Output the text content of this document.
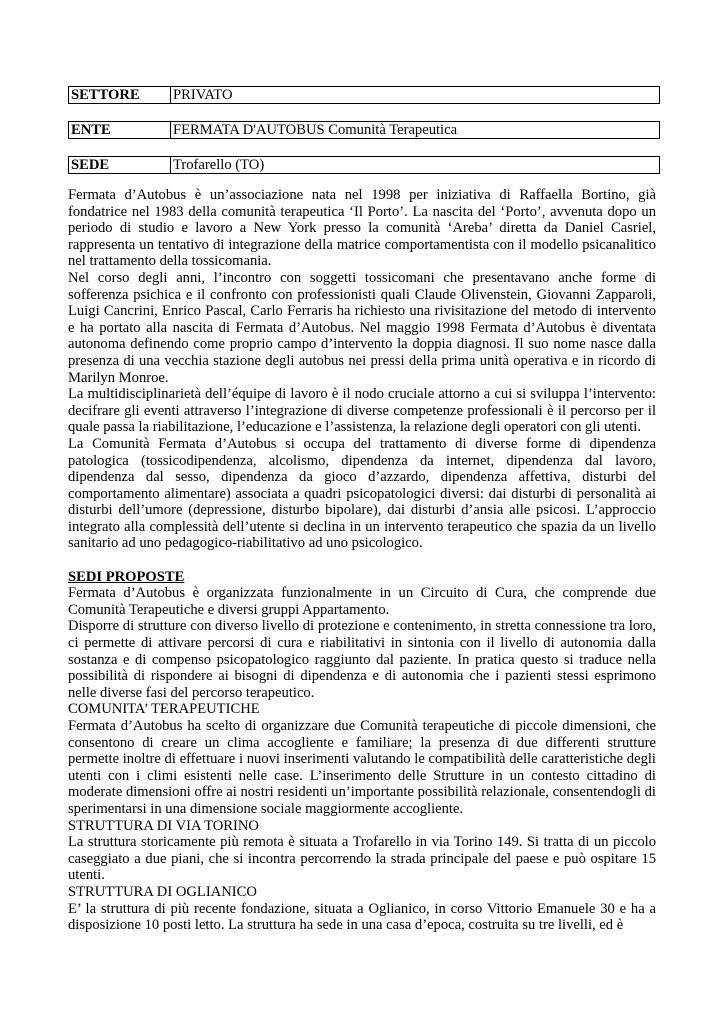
SETTORE	PRIVATO
ENTE	FERMATA D'AUTOBUS Comunità Terapeutica
SEDE	Trofarello (TO)

Fermata d’Autobus è un’associazione nata nel 1998 per iniziativa di Raffaella Bortino, già fondatrice nel 1983 della comunità terapeutica ‘Il Porto’. La nascita del ‘Porto’, avvenuta dopo un periodo di studio e lavoro a New York presso la comunità ‘Areba’ diretta da Daniel Casriel, rappresenta un tentativo di integrazione della matrice comportamentista con il modello psicanalitico nel trattamento della tossicomania.

Nel corso degli anni, l’incontro con soggetti tossicomani che presentavano anche forme di sofferenza psichica e il confronto con professionisti quali Claude Olivenstein, Giovanni Zapparoli, Luigi Cancrini, Enrico Pascal, Carlo Ferraris ha richiesto una rivisitazione del metodo di intervento e ha portato alla nascita di Fermata d’Autobus. Nel maggio 1998 Fermata d’Autobus è diventata autonoma definendo come proprio campo d’intervento la doppia diagnosi. Il suo nome nasce dalla presenza di una vecchia stazione degli autobus nei pressi della prima unità operativa e in ricordo di Marilyn Monroe.

La multidisciplinarietà dell’équipe di lavoro è il nodo cruciale attorno a cui si sviluppa l’intervento: decifrare gli eventi attraverso l’integrazione di diverse competenze professionali è il percorso per il quale passa la riabilitazione, l’educazione e l’assistenza, la relazione degli operatori con gli utenti.

La Comunità Fermata d’Autobus si occupa del trattamento di diverse forme di dipendenza patologica (tossicodipendenza, alcolismo, dipendenza da internet, dipendenza dal lavoro, dipendenza dal sesso, dipendenza da gioco d’azzardo, dipendenza affettiva, disturbi del comportamento alimentare) associata a quadri psicopatologici diversi: dai disturbi di personalità ai disturbi dell’umore (depressione, disturbo bipolare), dai disturbi d’ansia alle psicosi. L’approccio integrato alla complessità dell’utente si declina in un intervento terapeutico che spazia da un livello sanitario ad uno pedagogico-riabilitativo ad uno psicologico.

SEDI PROPOSTE

Fermata d’Autobus è organizzata funzionalmente in un Circuito di Cura, che comprende due Comunità Terapeutiche e diversi gruppi Appartamento.

Disporre di strutture con diverso livello di protezione e contenimento, in stretta connessione tra loro, ci permette di attivare percorsi di cura e riabilitativi in sintonia con il livello di autonomia dalla sostanza e di compenso psicopatologico raggiunto dal paziente. In pratica questo si traduce nella possibilità di rispondere ai bisogni di dipendenza e di autonomia che i pazienti stessi esprimono nelle diverse fasi del percorso terapeutico.

COMUNITA’ TERAPEUTICHE

Fermata d’Autobus ha scelto di organizzare due Comunità terapeutiche di piccole dimensioni, che consentono di creare un clima accogliente e familiare; la presenza di due differenti strutture permette inoltre di effettuare i nuovi inserimenti valutando le compatibilità delle caratteristiche degli utenti con i climi esistenti nelle case. L’inserimento delle Strutture in un contesto cittadino di moderate dimensioni offre ai nostri residenti un’importante possibilità relazionale, consentendogli di sperimentarsi in una dimensione sociale maggiormente accogliente.

STRUTTURA DI VIA TORINO

La struttura storicamente più remota è situata a Trofarello in via Torino 149. Si tratta di un piccolo caseggiato a due piani, che si incontra percorrendo la strada principale del paese e può ospitare 15 utenti.

STRUTTURA DI OGLIANICO

E’ la struttura di più recente fondazione, situata a Oglianico, in corso Vittorio Emanuele 30 e ha a disposizione 10 posti letto. La struttura ha sede in una casa d’epoca, costruita su tre livelli, ed è
